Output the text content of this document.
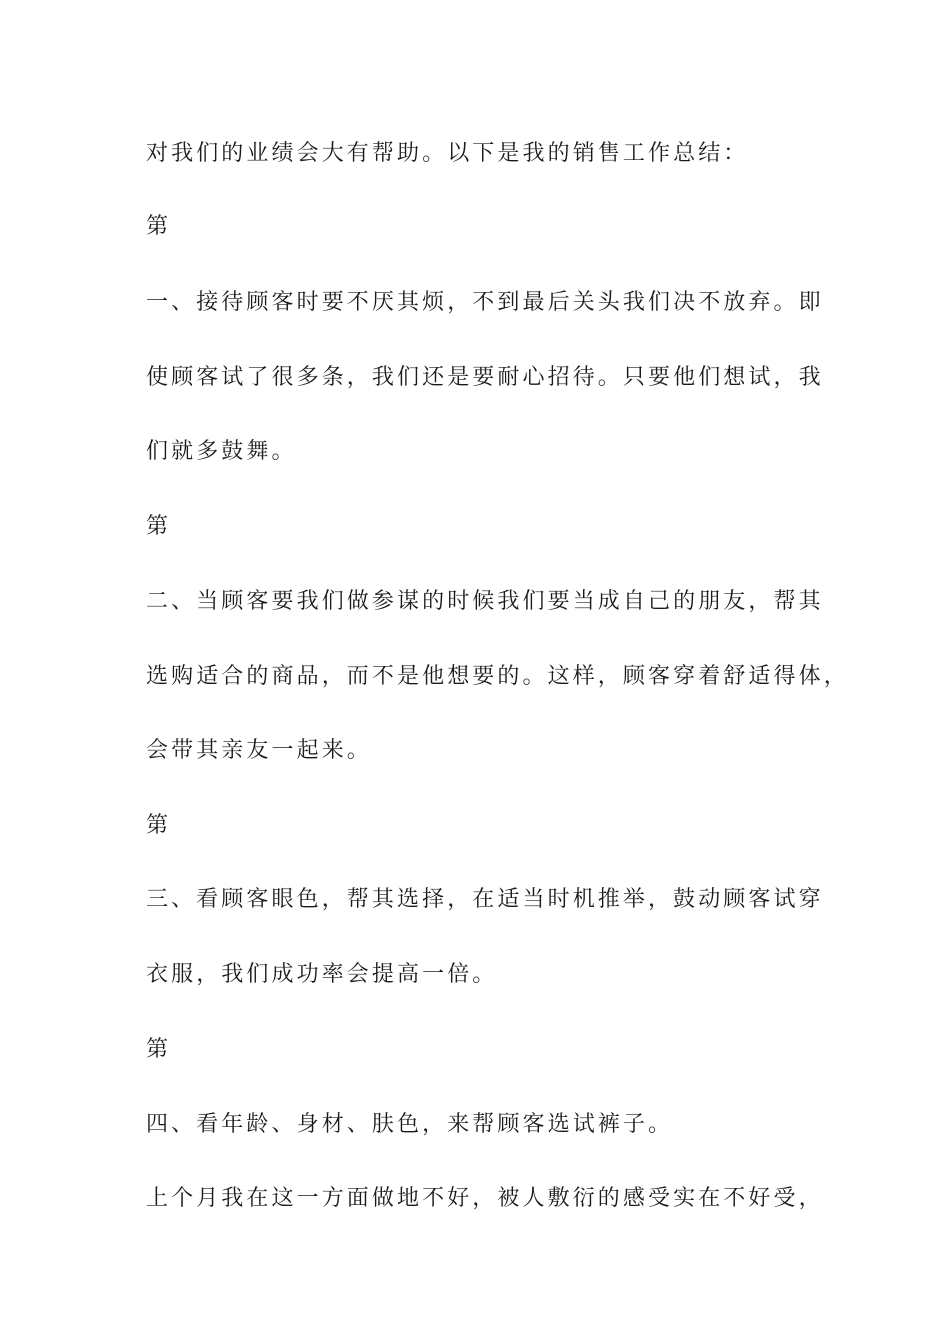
对我们的业绩会大有帮助。以下是我的销售工作总结：
第
一、接待顾客时要不厌其烦，不到最后关头我们决不放弃。即
使顾客试了很多条，我们还是要耐心招待。只要他们想试，我
们就多鼓舞。
第
二、当顾客要我们做参谋的时候我们要当成自己的朋友，帮其
选购适合的商品，而不是他想要的。这样，顾客穿着舒适得体，
会带其亲友一起来。
第
三、看顾客眼色，帮其选择，在适当时机推举，鼓动顾客试穿
衣服，我们成功率会提高一倍。
第
四、看年龄、身材、肤色，来帮顾客选试裤子。
上个月我在这一方面做地不好，被人敷衍的感受实在不好受，
